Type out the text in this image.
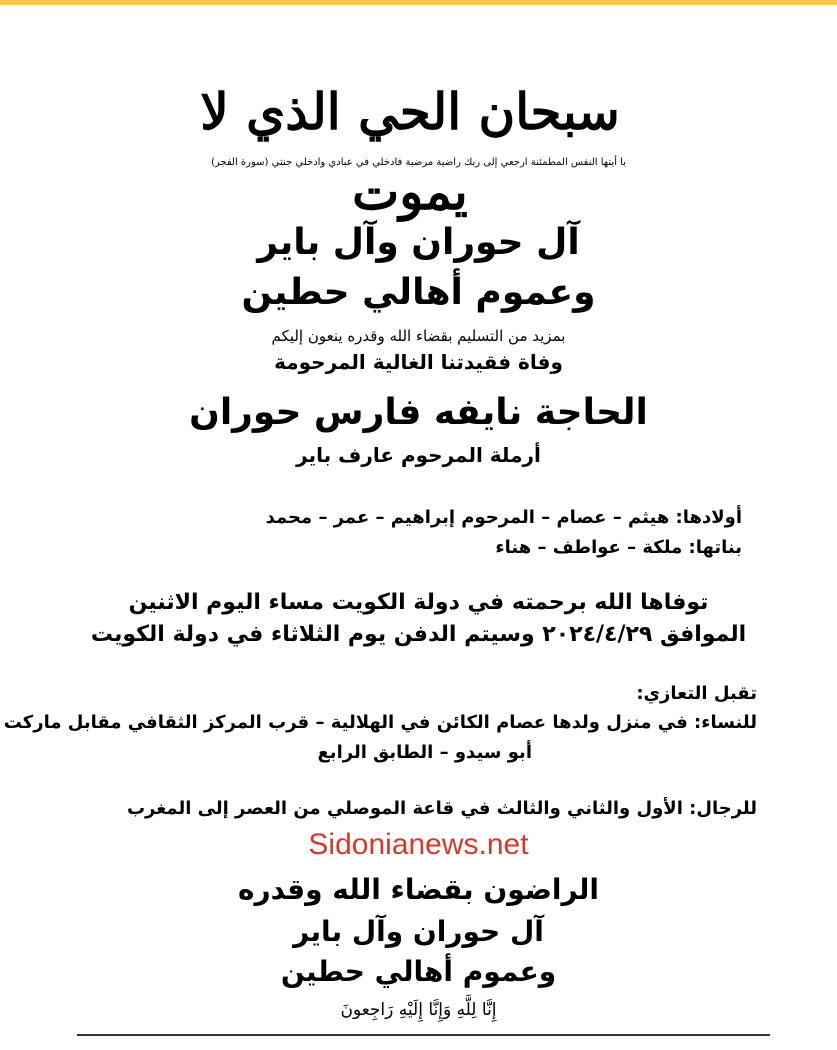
سبحان الحي الذي لا يموت
يا أيتها النفس المطمئنة ارجعي إلى ربك راضية مرضية فادخلي في عبادي وادخلي جنتي (سورة الفجر)
آل حوران وآل باير
وعموم أهالي حطين
بمزيد من التسليم بقضاء الله وقدره ينعون إليكم
وفاة فقيدتنا الغالية المرحومة
الحاجة نايفه فارس حوران
أرملة المرحوم عارف باير
أولادها: هيثم – عصام – المرحوم إبراهيم – عمر – محمد
بناتها: ملكة – عواطف – هناء
توفاها الله برحمته في دولة الكويت مساء اليوم الاثنين
الموافق ٢٠٢٤/٤/٢٩ وسيتم الدفن يوم الثلاثاء في دولة الكويت
تقبل التعازي:
للنساء: في منزل ولدها عصام الكائن في الهلالية – قرب المركز الثقافي مقابل ماركت
أبو سيدو – الطابق الرابع
للرجال: الأول والثاني والثالث في قاعة الموصلي من العصر إلى المغرب
Sidonianews.net
الراضون بقضاء الله وقدره
آل حوران وآل باير
وعموم أهالي حطين
إِنَّا لِلَّهِ وَإِنَّا إِلَيْهِ رَاجِعونَ
